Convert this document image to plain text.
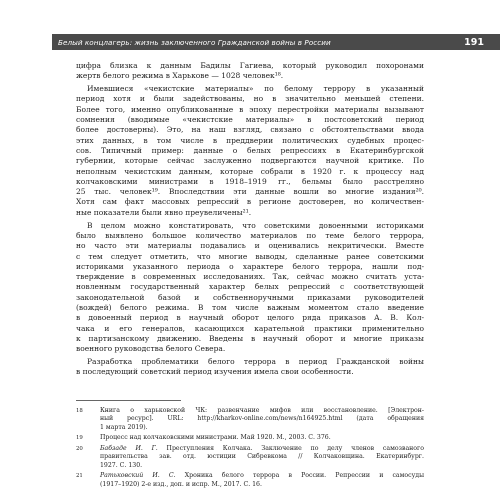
Белый концлагерь: жизнь заключенного Гражданской войны в России	191
цифра близка к данным Бадилы Гагиева, который руководил похоронами
жертв белого режима в Харькове — 1028 человек¹⁸.
Имевшиеся «чекистские материалы» по белому террору в указанный
период хотя и были задействованы, но в значительно меньшей степени.
Более того, именно опубликованные в эпоху перестройки материалы вызывают
сомнения (вводимые «чекистские материалы» в постсоветский период
более достоверны). Это, на наш взгляд, связано с обстоятельствами ввода
этих данных, в том числе в преддверии политических судебных процес-
сов. Типичный пример: данные о белых репрессиях в Екатеринбургской
губернии, которые сейчас заслуженно подвергаются научной критике. По
неполным чекистским данным, которые собрали в 1920 г. к процессу над
колчаковскими министрами в 1918–1919 гг., бельмы было расстреляно
25 тыс. человек¹⁹. Впоследствии эти данные вошли во многие издания²⁰.
Хотя сам факт массовых репрессий в регионе достоверен, но количествен-
ные показатели были явно преувеличены²¹.
В целом можно констатировать, что советскими довоенными историками
было выявлено большое количество материалов по теме белого террора,
но часто эти материалы подавались и оценивались некритически. Вместе
с тем следует отметить, что многие выводы, сделанные ранее советскими
историками указанного периода о характере белого террора, нашли под-
тверждение в современных исследованиях. Так, сейчас можно считать уста-
новленным государственный характер белых репрессий с соответствующей
законодательной базой и собственноручными приказами руководителей
(вождей) белого режима. В том числе важным моментом стало введение
в довоенный период в научный оборот целого ряда приказов А. В. Кол-
чака и его генералов, касающихся карательной практики применительно
к партизанскому движению. Введены в научный оборот и многие приказы
военного руководства белого Севера.
Разработка проблематики белого террора в период Гражданской войны
в последующий советский период изучения имела свои особенности.
18	Книга о харьковской ЧК: развенчание мифов или восстановление. [Электрон-
ный ресурс]. URL: http://kharkov-online.com/news/n164925.html (дата обращения
1 марта 2019).
19	Процесс над колчаковскими министрами. Май 1920. М., 2003. С. 376.
20	Бабзаде И. Г. Преступления Колчака. Заключение по делу членов самозваного
правительства зав. отд. юстиции Сибревкома // Колчаковщина. Екатеринбург.
1927. С. 130.
21	Ратьковский И. С. Хроника белого террора в России. Репрессии и самосуды
(1917–1920) 2-е изд., доп. и испр. М., 2017. С. 16.
